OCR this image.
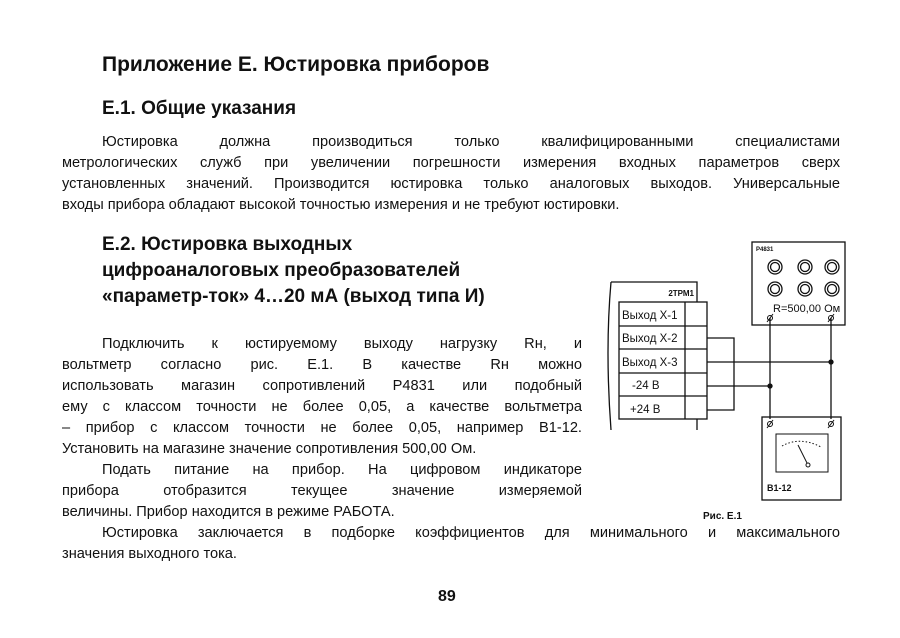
Приложение Е. Юстировка приборов
Е.1. Общие указания
Юстировка должна производиться только квалифицированными специалистами
метрологических служб при увеличении погрешности измерения входных параметров сверх
установленных значений. Производится юстировка только аналоговых выходов. Универсальные
входы прибора обладают высокой точностью измерения и не требуют юстировки.
Е.2. Юстировка выходных
цифроаналоговых преобразователей
«параметр-ток» 4…20 мА (выход типа И)
Подключить к юстируемому выходу нагрузку Rн, и
вольтметр согласно рис. Е.1. В качестве Rн можно
использовать магазин сопротивлений Р4831 или подобный
ему с классом точности не более 0,05, а качестве вольтметра
– прибор с классом точности не более 0,05, например В1-12.
Установить на магазине значение сопротивления 500,00 Ом.
Подать питание на прибор. На цифровом индикаторе
прибора отобразится текущее значение измеряемой
величины. Прибор находится в режиме РАБОТА.
Юстировка заключается в подборке коэффициентов для минимального и максимального
значения выходного тока.
2ТРМ1
Выход Х-1
Выход Х-2
Выход Х-3
-24 В
+24 В
Р4831
R=500,00 Ом
В1-12
Рис. Е.1
89
